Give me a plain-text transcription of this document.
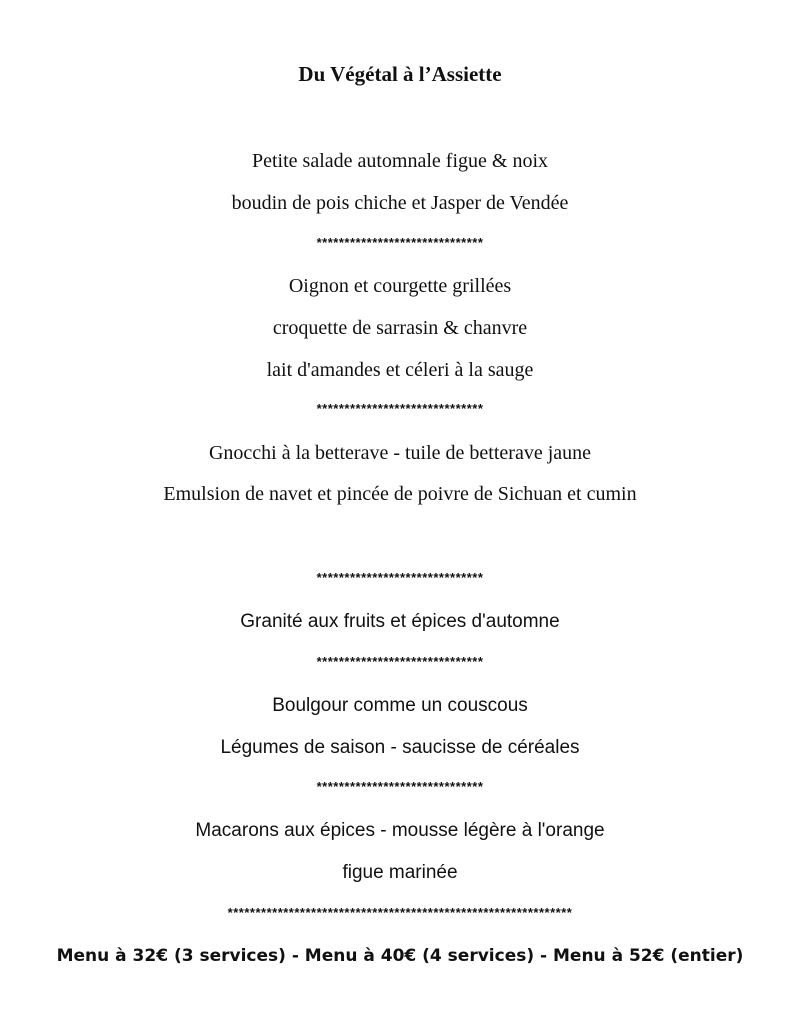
Du Végétal à l’Assiette
Petite salade automnale figue & noix
boudin de pois chiche et Jasper de Vendée
******************************
Oignon et courgette grillées
croquette de sarrasin & chanvre
lait d'amandes et céleri à la sauge
******************************
Gnocchi à la betterave - tuile de betterave jaune
Emulsion de navet et pincée de poivre de Sichuan et cumin
******************************
Granité aux fruits et épices d'automne
******************************
Boulgour comme un couscous
Légumes de saison - saucisse de céréales
******************************
Macarons aux épices - mousse légère à l'orange
figue marinée
**************************************************************
Menu à 32€ (3 services) - Menu à 40€ (4 services) - Menu à 52€ (entier)
